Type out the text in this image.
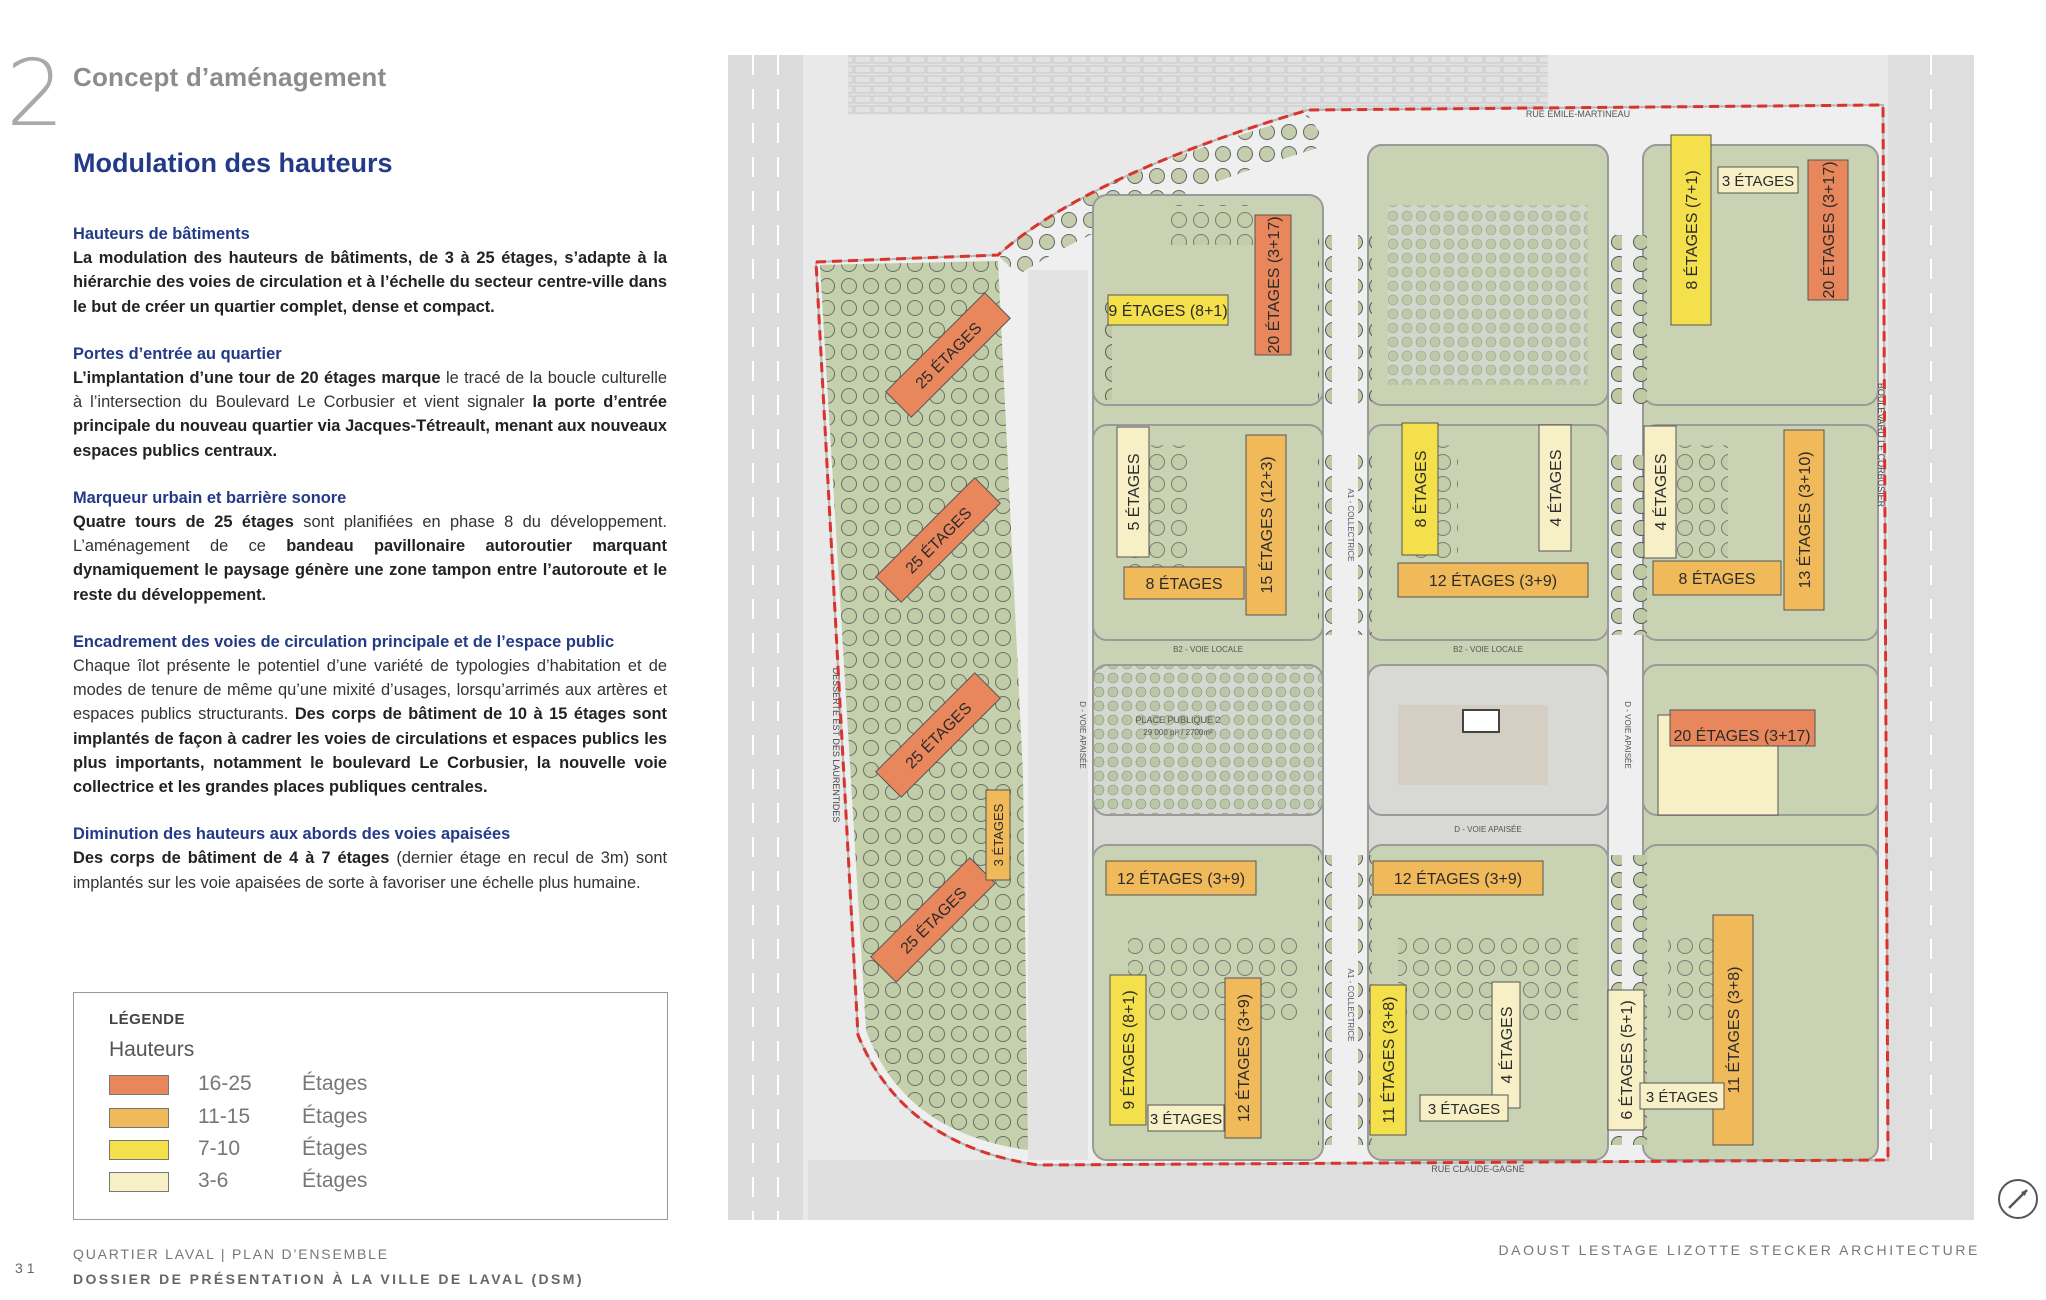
2 Concept d’aménagement
Modulation des hauteurs
Hauteurs de bâtiments
La modulation des hauteurs de bâtiments, de 3 à 25 étages, s’adapte à la hiérarchie des voies de circulation et à l’échelle du secteur centre-ville dans le but de créer un quartier complet, dense et compact.
Portes d’entrée au quartier
L’implantation d’une tour de 20 étages marque le tracé de la boucle culturelle à l’intersection du Boulevard Le Corbusier et vient signaler la porte d’entrée principale du nouveau quartier via Jacques-Tétreault, menant aux nouveaux espaces publics centraux.
Marqueur urbain et barrière sonore
Quatre tours de 25 étages sont planifiées en phase 8 du développement. L’aménagement de ce bandeau pavillonaire autoroutier marquant dynamiquement le paysage génère une zone tampon entre l’autoroute et le reste du développement.
Encadrement des voies de circulation principale et de l’espace public
Chaque îlot présente le potentiel d’une variété de typologies d’habitation et de modes de tenure de même qu’une mixité d’usages, lorsqu’arrimés aux artères et espaces publics structurants. Des corps de bâtiment de 10 à 15 étages sont implantés de façon à cadrer les voies de circulations et espaces publics les plus importants, notamment le boulevard Le Corbusier, la nouvelle voie collectrice et les grandes places publiques centrales.
Diminution des hauteurs aux abords des voies apaisées
Des corps de bâtiment de 4 à 7 étages (dernier étage en recul de 3m) sont implantés sur les voie apaisées de sorte à favoriser une échelle plus humaine.
LÉGENDE
Hauteurs
16-25 Étages
11-15 Étages
7-10	Étages
3-6	Étages
31
QUARTIER LAVAL | PLAN D’ENSEMBLE
DOSSIER DE PRÉSENTATION À LA VILLE DE LAVAL (DSM)
DAOUST LESTAGE LIZOTTE STECKER ARCHITECTURE
RUE ÉMILE-MARTINEAU
RUE CLAUDE-GAGNÉ
DESSERTE EST DES LAURENTIDES
BOULEVARD LE CORBUSIER
B2 - VOIE LOCALE	B2 - VOIE LOCALE
D - VOIE APAISÉE
A1 - COLLECTRICE
A1 - COLLECTRICE
D - VOIE APAISÉE	D - VOIE APAISÉE
PLACE PUBLIQUE 2
29 000 pi² / 2700m²
25 ÉTAGES
25 ÉTAGES
25 ÉTAGES
25 ÉTAGES
3 ÉTAGES
9 ÉTAGES (8+1) 20 ÉTAGES (3+17)	8 ÉTAGES (7+1) 3 ÉTAGES 20 ÉTAGES (3+17)
5 ÉTAGES	15 ÉTAGES (12+3)
8 ÉTAGES
8 ÉTAGES	4 ÉTAGES
12 ÉTAGES (3+9)
4 ÉTAGES	13 ÉTAGES (3+10)
8 ÉTAGES
20 ÉTAGES (3+17)
12 ÉTAGES (3+9)
9 ÉTAGES (8+1)	12 ÉTAGES (3+9)
3 ÉTAGES
12 ÉTAGES (3+9)
11 ÉTAGES (3+8)	4 ÉTAGES
3 ÉTAGES	6 ÉTAGES (5+1)	11 ÉTAGES (3+8)
3 ÉTAGES
